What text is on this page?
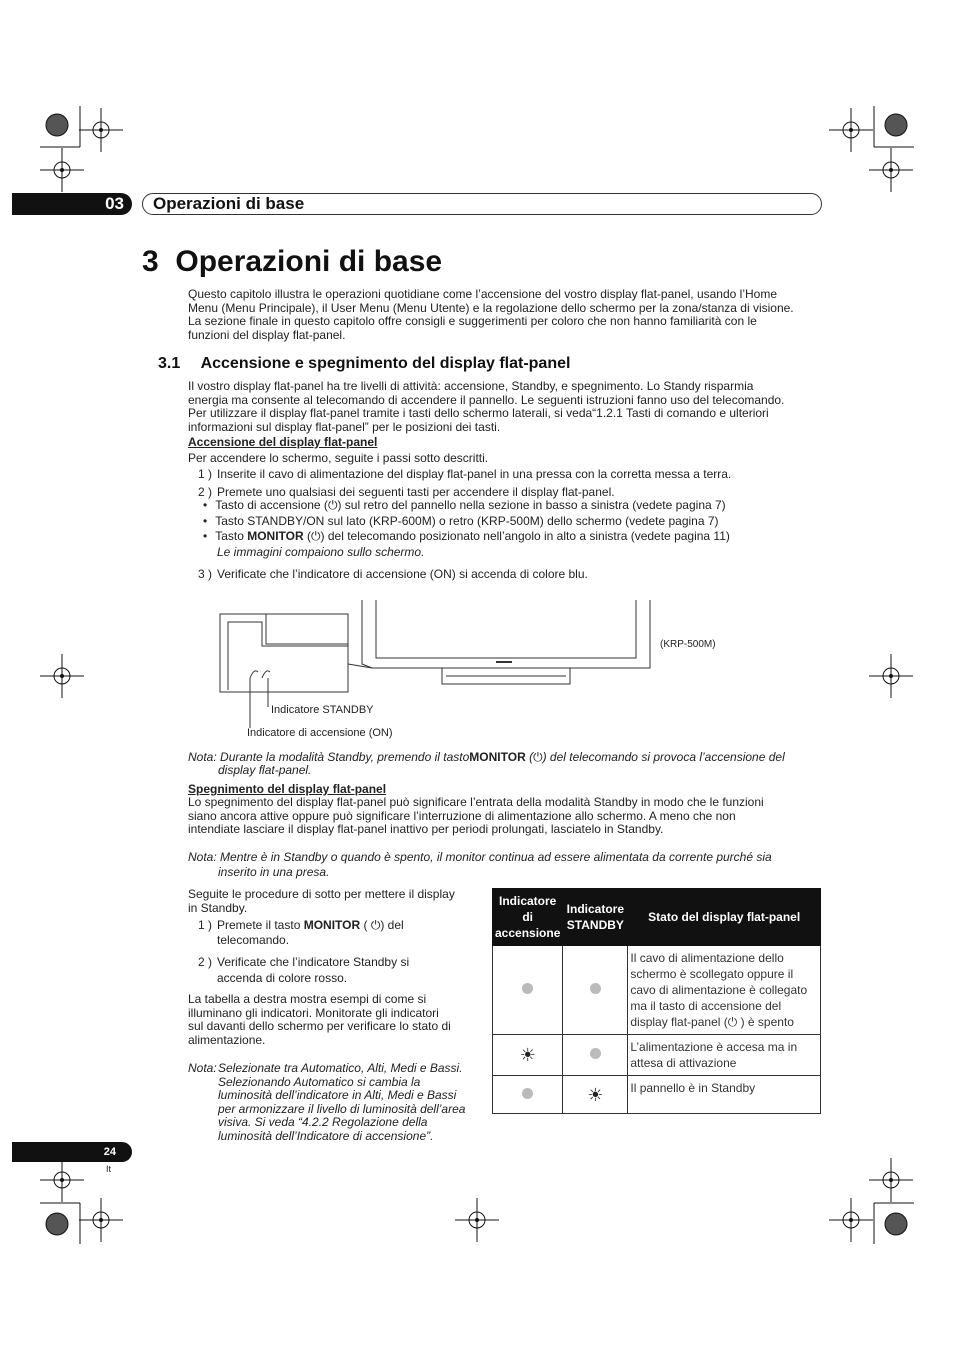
03	Operazioni di base
3  Operazioni di base
Questo capitolo illustra le operazioni quotidiane come l’accensione del vostro display flat-panel, usando l’Home
Menu (Menu Principale), il User Menu (Menu Utente) e la regolazione dello schermo per la zona/stanza di visione.
La sezione finale in questo capitolo offre consigli e suggerimenti per coloro che non hanno familiarità con le
funzioni del display flat-panel.
3.1 Accensione e spegnimento del display flat-panel
Il vostro display flat-panel ha tre livelli di attività: accensione, Standby, e spegnimento. Lo Standy risparmia
energia ma consente al telecomando di accendere il pannello. Le seguenti istruzioni fanno uso del telecomando.
Per utilizzare il display flat-panel tramite i tasti dello schermo laterali, si veda“1.2.1 Tasti di comando e ulteriori
informazioni sul display flat-panel” per le posizioni dei tasti.
Accensione del display flat-panel
Per accendere lo schermo, seguite i passi sotto descritti.
1 ) Inserite il cavo di alimentazione del display flat-panel in una pressa con la corretta messa a terra.
2 ) Premete uno qualsiasi dei seguenti tasti per accendere il display flat-panel.
• Tasto di accensione (⏻) sul retro del pannello nella sezione in basso a sinistra (vedete pagina 7)
• Tasto STANDBY/ON sul lato (KRP-600M) o retro (KRP-500M) dello schermo (vedete pagina 7)
• Tasto MONITOR (⏻) del telecomando posizionato nell’angolo in alto a sinistra (vedete pagina 11)
Le immagini compaiono sullo schermo.
3 ) Verificate che l’indicatore di accensione (ON) si accenda di colore blu.
(KRP-500M)
Indicatore STANDBY
Indicatore di accensione (ON)
Nota: Durante la modalità Standby, premendo il tastoMONITOR (⏻) del telecomando si provoca l’accensione del
display flat-panel.
Spegnimento del display flat-panel
Lo spegnimento del display flat-panel può significare l’entrata della modalità Standby in modo che le funzioni
siano ancora attive oppure può significare l’interruzione di alimentazione allo schermo. A meno che non
intendiate lasciare il display flat-panel inattivo per periodi prolungati, lasciatelo in Standby.
Nota: Mentre è in Standby o quando è spento, il monitor continua ad essere alimentata da corrente purché sia
inserito in una presa.
Seguite le procedure di sotto per mettere il display
in Standby.
1 ) Premete il tasto MONITOR ( ⏻) del
telecomando.
2 ) Verificate che l’indicatore Standby si
accenda di colore rosso.
La tabella a destra mostra esempi di come si
illuminano gli indicatori. Monitorate gli indicatori
sul davanti dello schermo per verificare lo stato di
alimentazione.
Nota: Selezionate tra Automatico, Alti, Medi e Bassi.
Selezionando Automatico si cambia la
luminosità dell’indicatore in Alti, Medi e Bassi
per armonizzare il livello di luminosità dell’area
visiva. Si veda “4.2.2 Regolazione della
luminosità dell’Indicatore di accensione”.
Indicatore di accensione	Indicatore STANDBY	Stato del display flat-panel
		Il cavo di alimentazione dello schermo è scollegato oppure il cavo di alimentazione è collegato ma il tasto di accensione del display flat-panel (⏻ ) è spento
☀		L’alimentazione è accesa ma in attesa di attivazione
	☀	Il pannello è in Standby
24
It
